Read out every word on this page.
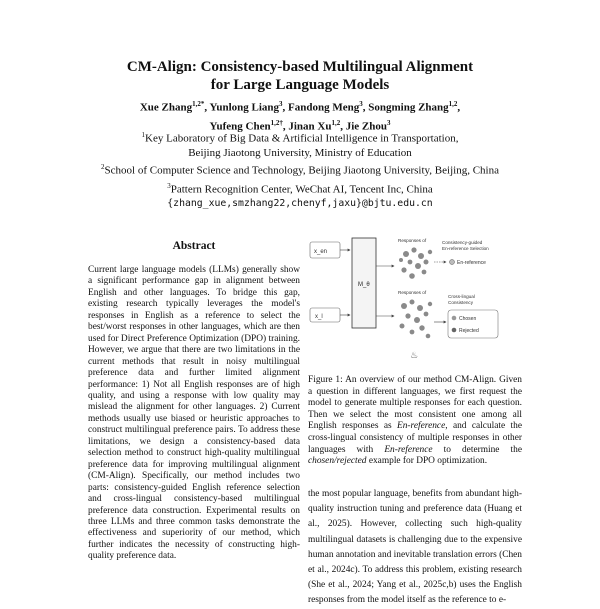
CM-Align: Consistency-based Multilingual Alignment
for Large Language Models
Xue Zhang$^{1,2*}$, Yunlong Liang$^3$, Fandong Meng$^3$, Songming Zhang$^{1,2}$,
Yufeng Chen$^{1,2\dagger}$, Jinan Xu$^{1,2}$, Jie Zhou$^3$
$^1$Key Laboratory of Big Data & Artificial Intelligence in Transportation,
Beijing Jiaotong University, Ministry of Education
$^2$School of Computer Science and Technology, Beijing Jiaotong University, Beijing, China
$^3$Pattern Recognition Center, WeChat AI, Tencent Inc, China
{zhang_xue,smzhang22,chenyf,jaxu}@bjtu.edu.cn
Abstract
Current large language models (LLMs) generally show a significant performance gap in alignment between English and other languages. To bridge this gap, existing research typically leverages the model's responses in English as a reference to select the best/worst responses in other languages, which are then used for Direct Preference Optimization (DPO) training. However, we argue that there are two limitations in the current methods that result in noisy multilingual preference data and further limited alignment performance: 1) Not all English responses are of high quality, and using a response with low quality may mislead the alignment for other languages. 2) Current methods usually use biased or heuristic approaches to construct multilingual preference pairs. To address these limitations, we design a consistency-based data selection method to construct high-quality multilingual preference data for improving multilingual alignment (CM-Align). Specifically, our method includes two parts: consistency-guided English reference selection and cross-lingual consistency-based multilingual preference data construction. Experimental results on three LLMs and three common tasks demonstrate the effectiveness and superiority of our method, which further indicates the necessity of constructing high-quality preference data.
x_en
x_l
M_θ
Responses of
Responses of
♨
Consistency-guided
En-reference Selection
En-reference
Cross-lingual
Consistency
Chosen
Rejected
Figure 1: An overview of our method CM-Align. Given a question in different languages, we first request the model to generate multiple responses for each question. Then we select the most consistent one among all English responses as En-reference, and calculate the cross-lingual consistency of multiple responses in other languages with En-reference to determine the chosen/rejected example for DPO optimization.
the most popular language, benefits from abundant high-quality instruction tuning and preference data (Huang et al., 2025). However, collecting such high-quality multilingual datasets is challenging due to the expensive human annotation and inevitable translation errors (Chen et al., 2024c). To address this problem, existing research (She et al., 2024; Yang et al., 2025c,b) uses the English responses from the model itself as the reference to e-
